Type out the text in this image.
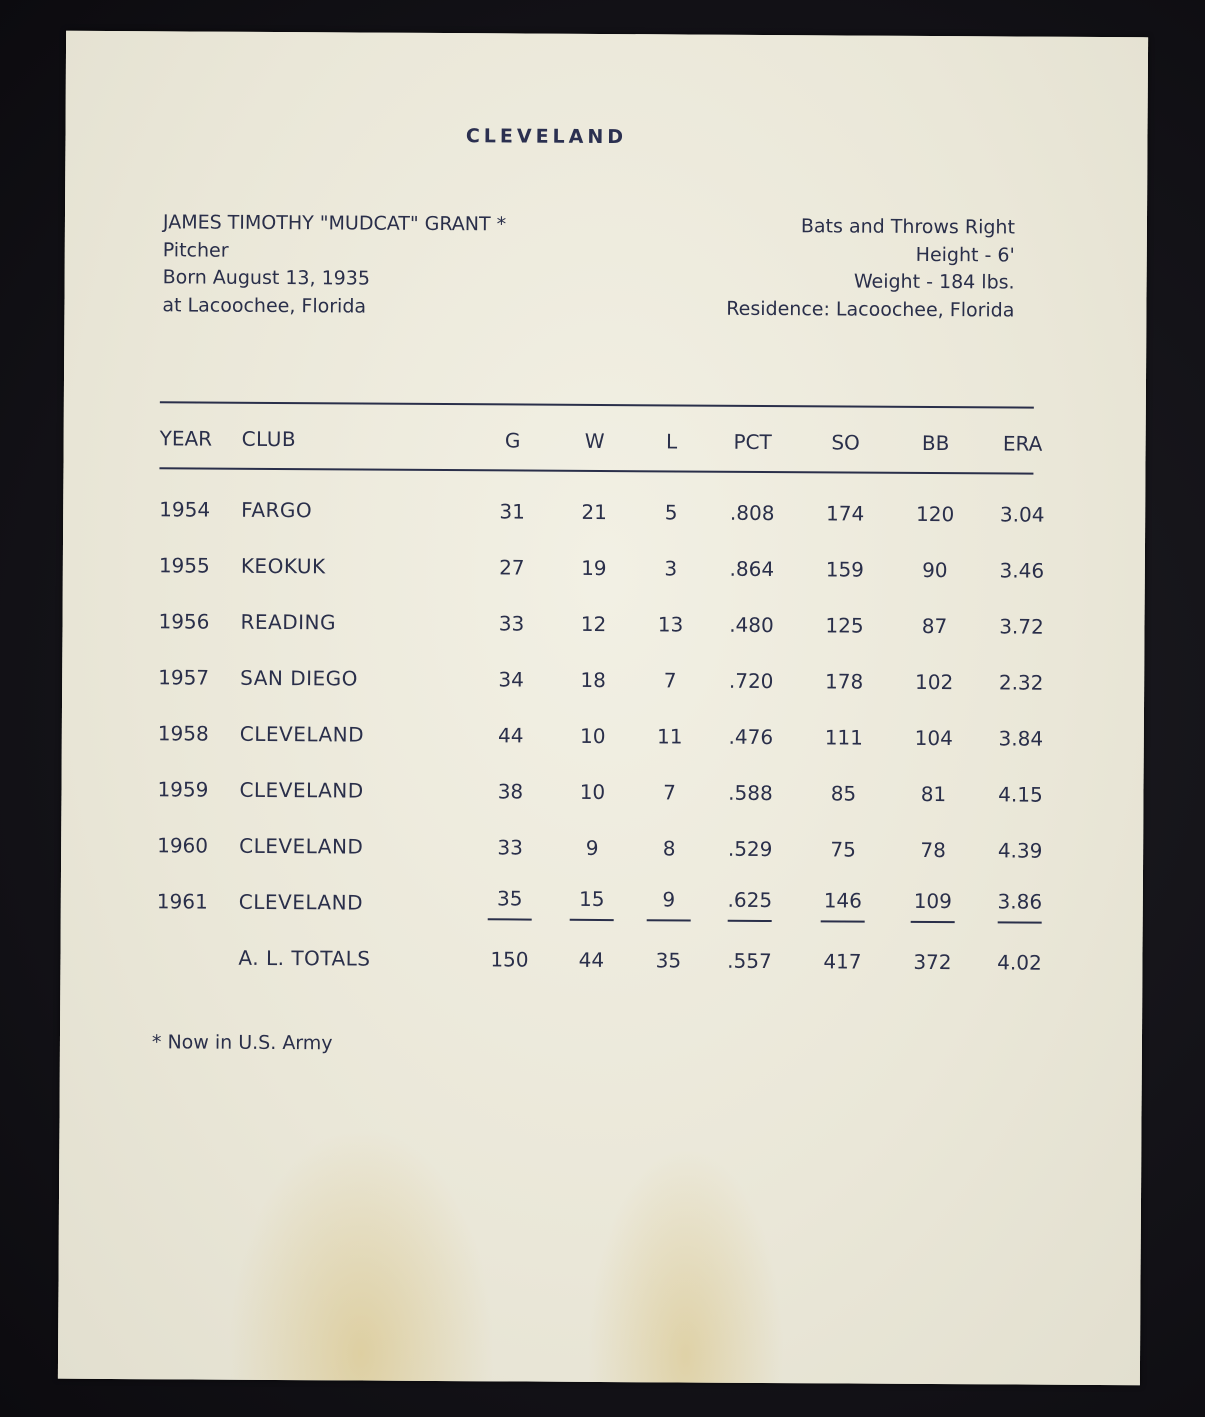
CLEVELAND
JAMES TIMOTHY "MUDCAT" GRANT *
Pitcher
Born August 13, 1935
at Lacoochee, Florida
Bats and Throws Right
Height - 6'
Weight - 184 lbs.
Residence: Lacoochee, Florida
YEAR	CLUB	G	W	L	PCT	SO	BB	ERA
1954	FARGO	31	21	5	.808	174	120	3.04
1955	KEOKUK	27	19	3	.864	159	90	3.46
1956	READING	33	12	13	.480	125	87	3.72
1957	SAN DIEGO	34	18	7	.720	178	102	2.32
1958	CLEVELAND	44	10	11	.476	111	104	3.84
1959	CLEVELAND	38	10	7	.588	85	81	4.15
1960	CLEVELAND	33	9	8	.529	75	78	4.39
1961	CLEVELAND	35	15	9	.625	146	109	3.86
	A. L. TOTALS	150	44	35	.557	417	372	4.02
* Now in U.S. Army
